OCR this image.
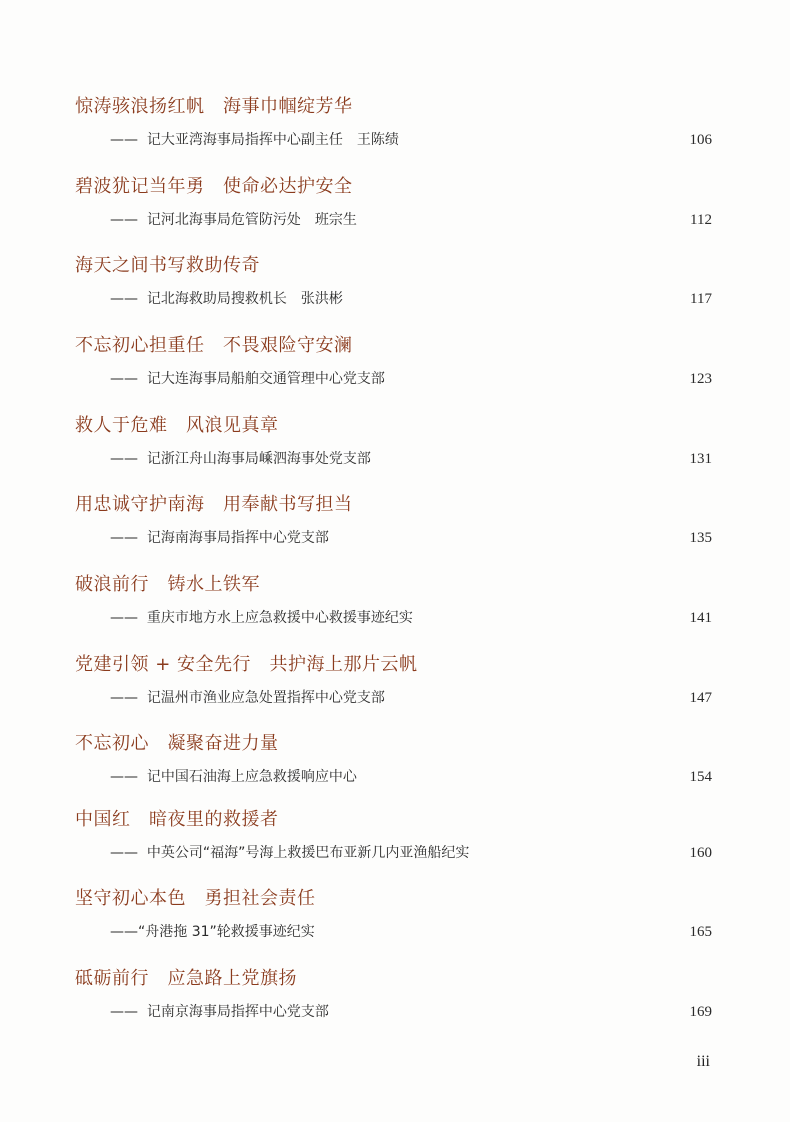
惊涛骇浪扬红帆　海事巾帼绽芳华
——  记大亚湾海事局指挥中心副主任　王陈绩	106
碧波犹记当年勇　使命必达护安全
——  记河北海事局危管防污处　班宗生	112
海天之间书写救助传奇
——  记北海救助局搜救机长　张洪彬	117
不忘初心担重任　不畏艰险守安澜
——  记大连海事局船舶交通管理中心党支部	123
救人于危难　风浪见真章
——  记浙江舟山海事局嵊泗海事处党支部	131
用忠诚守护南海　用奉献书写担当
——  记海南海事局指挥中心党支部	135
破浪前行　铸水上铁军
——  重庆市地方水上应急救援中心救援事迹纪实	141
党建引领 + 安全先行　共护海上那片云帆
——  记温州市渔业应急处置指挥中心党支部	147
不忘初心　凝聚奋进力量
——  记中国石油海上应急救援响应中心	154
中国红　暗夜里的救援者
——  中英公司“福海”号海上救援巴布亚新几内亚渔船纪实	160
坚守初心本色　勇担社会责任
——“舟港拖 31”轮救援事迹纪实	165
砥砺前行　应急路上党旗扬
——  记南京海事局指挥中心党支部	169
iii
